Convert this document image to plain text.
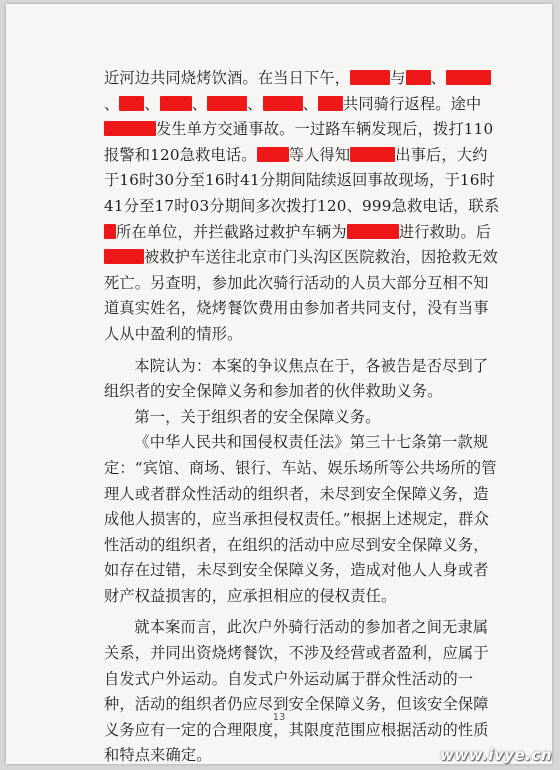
近河边共同烧烤饮酒。在当日下午，	与 、、 、 、	、	、 共同骑行返程。途中发生单方交通事故。一过路车辆发现后，拨打110报警和120急救电话。 等人得知	出事后，大约于16时30分至16时41分期间陆续返回事故现场，于16时41分至17时03分期间多次拨打120、999急救电话，联系所在单位，并拦截路过救护车辆为	进行救助。后被救护车送往北京市门头沟区医院救治，因抢救无效死亡。另查明，参加此次骑行活动的人员大部分互相不知道真实姓名，烧烤餐饮费用由参加者共同支付，没有当事人从中盈利的情形。

本院认为：本案的争议焦点在于，各被告是否尽到了组织者的安全保障义务和参加者的伙伴救助义务。

第一，关于组织者的安全保障义务。

《中华人民共和国侵权责任法》第三十七条第一款规定：“宾馆、商场、银行、车站、娱乐场所等公共场所的管理人或者群众性活动的组织者，未尽到安全保障义务，造成他人损害的，应当承担侵权责任。”根据上述规定，群众性活动的组织者，在组织的活动中应尽到安全保障义务，如存在过错，未尽到安全保障义务，造成对他人人身或者财产权益损害的，应承担相应的侵权责任。

就本案而言，此次户外骑行活动的参加者之间无隶属关系，并同出资烧烤餐饮，不涉及经营或者盈利，应属于自发式户外运动。自发式户外运动属于群众性活动的一种，活动的组织者仍应尽到安全保障义务，但该安全保障义务应有一定的合理限度，其限度范围应根据活动的性质和特点来确定。

13
www.ivye.cn
